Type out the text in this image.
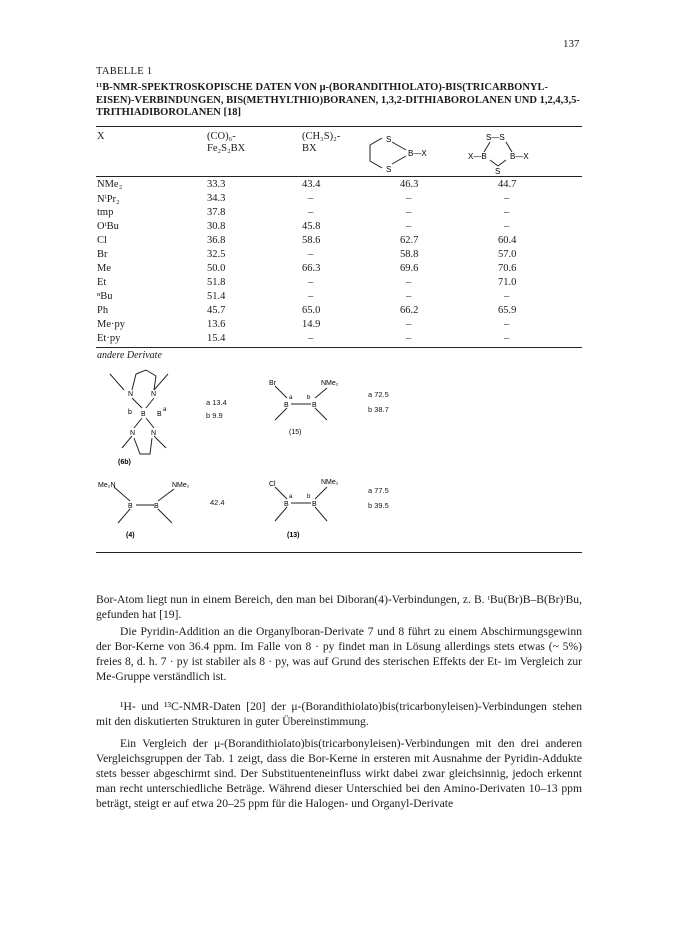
137
TABELLE 1
¹¹B-NMR-SPEKTROSKOPISCHE DATEN VON μ-(BORANDITHIOLATO)-BIS(TRICARBONYL-EISEN)-VERBINDUNGEN, BIS(METHYLTHIO)BORANEN, 1,3,2-DITHIABOROLANEN UND 1,2,4,3,5-TRITHIADIBOROLANEN [18]
X	(CO)₆-
Fe₂S₂BX
(CH₃S)₂-
BX
S
S
B—X
S—S
X—B	B—X
S
NMe₂	33.3	43.4	46.3	44.7
NⁱPr₂	34.3	–	–	–
tmp	37.8	–	–	–
OᵗBu	30.8	45.8	–	–
Cl	36.8	58.6	62.7	60.4
Br	32.5	–	58.8	57.0
Me	50.0	66.3	69.6	70.6
Et	51.8	–	–	71.0
ⁿBu	51.4	–	–	–
Ph	45.7	65.0	66.2	65.9
Me·py	13.6	14.9	–	–
Et·py	15.4	–	–	–
andere Derivate
N	N
b B B
a
N N
(6b)
a 13.4
b 9.9
Br	NMe₂
B	B
a b
(15)
a 72.5
b 38.7
Me₂N	NMe₂
B	B
(4)
42.4
Cl	NMe₂
B	B
a b
(13)
a 77.5
b 39.5
Bor-Atom liegt nun in einem Bereich, den man bei Diboran(4)-Verbindungen, z. B. ᵗBu(Br)B–B(Br)ᵗBu, gefunden hat [19].
Die Pyridin-Addition an die Organylboran-Derivate 7 und 8 führt zu einem Abschirmungsgewinn der Bor-Kerne von 36.4 ppm. Im Falle von 8 · py findet man in Lösung allerdings stets etwas (~ 5%) freies 8, d. h. 7 · py ist stabiler als 8 · py, was auf Grund des sterischen Effekts der Et- im Vergleich zur Me-Gruppe verständlich ist.
¹H- und ¹³C-NMR-Daten [20] der μ-(Borandithiolato)bis(tricarbonyleisen)-Verbindungen stehen mit den diskutierten Strukturen in guter Übereinstimmung.
Ein Vergleich der μ-(Borandithiolato)bis(tricarbonyleisen)-Verbindungen mit den drei anderen Vergleichsgruppen der Tab. 1 zeigt, dass die Bor-Kerne in ersteren mit Ausnahme der Pyridin-Addukte stets besser abgeschirmt sind. Der Substituenteneinfluss wirkt dabei zwar gleichsinnig, jedoch erkennt man recht unterschiedliche Beträge. Während dieser Unterschied bei den Amino-Derivaten 10–13 ppm beträgt, steigt er auf etwa 20–25 ppm für die Halogen- und Organyl-Derivate
